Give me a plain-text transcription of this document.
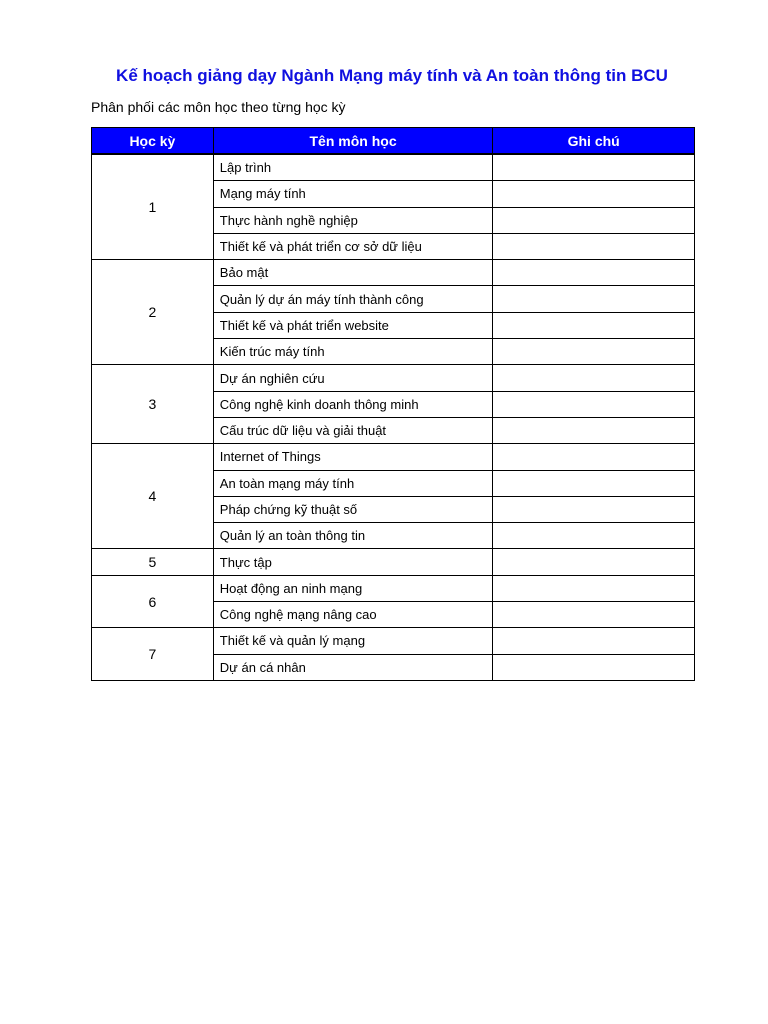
Kế hoạch giảng dạy Ngành Mạng máy tính và An toàn thông tin BCU

Phân phối các môn học theo từng học kỳ

Học kỳ	Tên môn học	Ghi chú
1	Lập trình	
	Mạng máy tính	
	Thực hành nghề nghiệp	
	Thiết kế và phát triển cơ sở dữ liệu	
2	Bảo mật	
	Quản lý dự án máy tính thành công	
	Thiết kế và phát triển website	
	Kiến trúc máy tính	
3	Dự án nghiên cứu	
	Công nghệ kinh doanh thông minh	
	Cấu trúc dữ liệu và giải thuật	
4	Internet of Things	
	An toàn mạng máy tính	
	Pháp chứng kỹ thuật số	
	Quản lý an toàn thông tin	
5	Thực tập	
6	Hoạt động an ninh mạng	
	Công nghệ mạng nâng cao	
7	Thiết kế và quản lý mạng	
	Dự án cá nhân	
